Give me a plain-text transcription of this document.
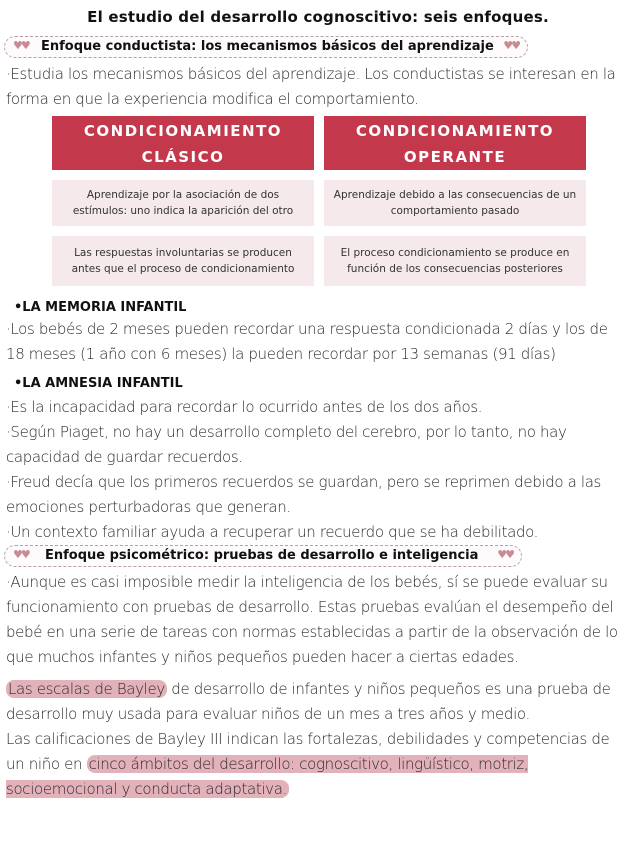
El estudio del desarrollo cognoscitivo: seis enfoques.
♥♥ Enfoque conductista: los mecanismos básicos del aprendizaje ♥♥

·Estudia los mecanismos básicos del aprendizaje. Los conductistas se interesan en la forma en que la experiencia modifica el comportamiento.

CONDICIONAMIENTO
CLÁSICO
Aprendizaje por la asociación de dos estímulos: uno indica la aparición del otro
Las respuestas involuntarias se producen antes que el proceso de condicionamiento
CONDICIONAMIENTO
OPERANTE
Aprendizaje debido a las consecuencias de un comportamiento pasado
El proceso condicionamiento se produce en función de los consecuencias posteriores
•LA MEMORIA INFANTIL

·Los bebés de 2 meses pueden recordar una respuesta condicionada 2 días y los de 18 meses (1 año con 6 meses) la pueden recordar por 13 semanas (91 días)

•LA AMNESIA INFANTIL

·Es la incapacidad para recordar lo ocurrido antes de los dos años.

·Según Piaget, no hay un desarrollo completo del cerebro, por lo tanto, no hay capacidad de guardar recuerdos.

·Freud decía que los primeros recuerdos se guardan, pero se reprimen debido a las emociones perturbadoras que generan.

·Un contexto familiar ayuda a recuperar un recuerdo que se ha debilitado.

♥♥ Enfoque psicométrico: pruebas de desarrollo e inteligencia ♥♥

·Aunque es casi imposible medir la inteligencia de los bebés, sí se puede evaluar su funcionamiento con pruebas de desarrollo. Estas pruebas evalúan el desempeño del bebé en una serie de tareas con normas establecidas a partir de la observación de lo que muchos infantes y niños pequeños pueden hacer a ciertas edades.

Las escalas de Bayley de desarrollo de infantes y niños pequeños es una prueba de desarrollo muy usada para evaluar niños de un mes a tres años y medio.

Las calificaciones de Bayley III indican las fortalezas, debilidades y competencias de un niño en cinco ámbitos del desarrollo: cognoscitivo, lingüístico, motriz, socioemocional y conducta adaptativa.
